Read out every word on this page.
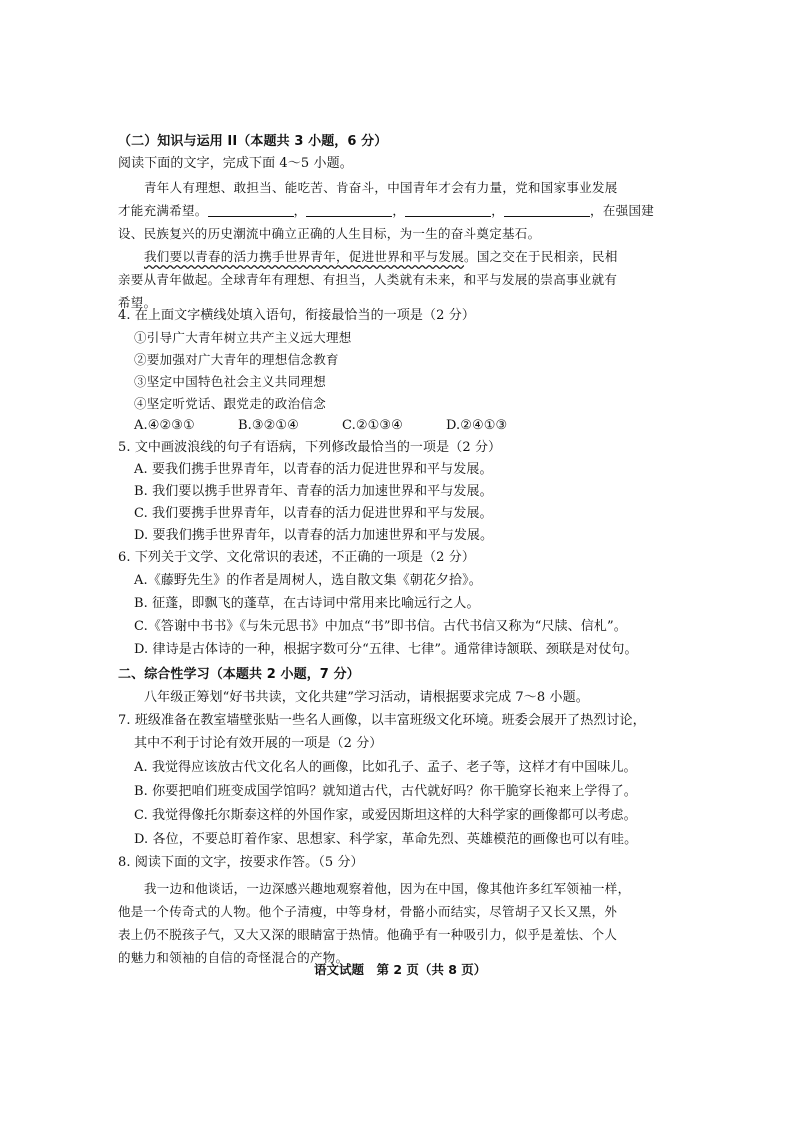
（二）知识与运用 II（本题共 3 小题，6 分）
阅读下面的文字，完成下面 4～5 小题。
青年人有理想、敢担当、能吃苦、肯奋斗，中国青年才会有力量，党和国家事业发展
才能充满希望。	，	，	，	，在强国建
设、民族复兴的历史潮流中确立正确的人生目标，为一生的奋斗奠定基石。
我们要以青春的活力携手世界青年，促进世界和平与发展。国之交在于民相亲，民相
亲要从青年做起。全球青年有理想、有担当，人类就有未来，和平与发展的崇高事业就有
希望。
4. 在上面文字横线处填入语句，衔接最恰当的一项是（2 分）
①引导广大青年树立共产主义远大理想
②要加强对广大青年的理想信念教育
③坚定中国特色社会主义共同理想
④坚定听党话、跟党走的政治信念
A.④②③①	B.③②①④	C.②①③④	D.②④①③
5. 文中画波浪线的句子有语病，下列修改最恰当的一项是（2 分）
A. 要我们携手世界青年，以青春的活力促进世界和平与发展。
B. 我们要以携手世界青年、青春的活力加速世界和平与发展。
C. 我们要携手世界青年，以青春的活力促进世界和平与发展。
D. 要我们携手世界青年，以青春的活力加速世界和平与发展。
6. 下列关于文学、文化常识的表述，不正确的一项是（2 分）
A.《藤野先生》的作者是周树人，选自散文集《朝花夕拾》。
B. 征蓬，即飘飞的蓬草，在古诗词中常用来比喻远行之人。
C.《答谢中书书》《与朱元思书》中加点“书”即书信。古代书信又称为“尺牍、信札”。
D. 律诗是古体诗的一种，根据字数可分“五律、七律”。通常律诗颔联、颈联是对仗句。
二、综合性学习（本题共 2 小题，7 分）
八年级正筹划“好书共读，文化共建”学习活动，请根据要求完成 7～8 小题。
7. 班级准备在教室墙壁张贴一些名人画像，以丰富班级文化环境。班委会展开了热烈讨论，
其中不利于讨论有效开展的一项是（2 分）
A. 我觉得应该放古代文化名人的画像，比如孔子、孟子、老子等，这样才有中国味儿。
B. 你要把咱们班变成国学馆吗？就知道古代，古代就好吗？你干脆穿长袍来上学得了。
C. 我觉得像托尔斯泰这样的外国作家，或爱因斯坦这样的大科学家的画像都可以考虑。
D. 各位，不要总盯着作家、思想家、科学家，革命先烈、英雄模范的画像也可以有哇。
8. 阅读下面的文字，按要求作答。（5 分）
我一边和他谈话，一边深感兴趣地观察着他，因为在中国，像其他许多红军领袖一样，
他是一个传奇式的人物。他个子清瘦，中等身材，骨骼小而结实，尽管胡子又长又黑，外
表上仍不脱孩子气，又大又深的眼睛富于热情。他确乎有一种吸引力，似乎是羞怯、个人
的魅力和领袖的自信的奇怪混合的产物。
语文试题　第 2 页（共 8 页）
